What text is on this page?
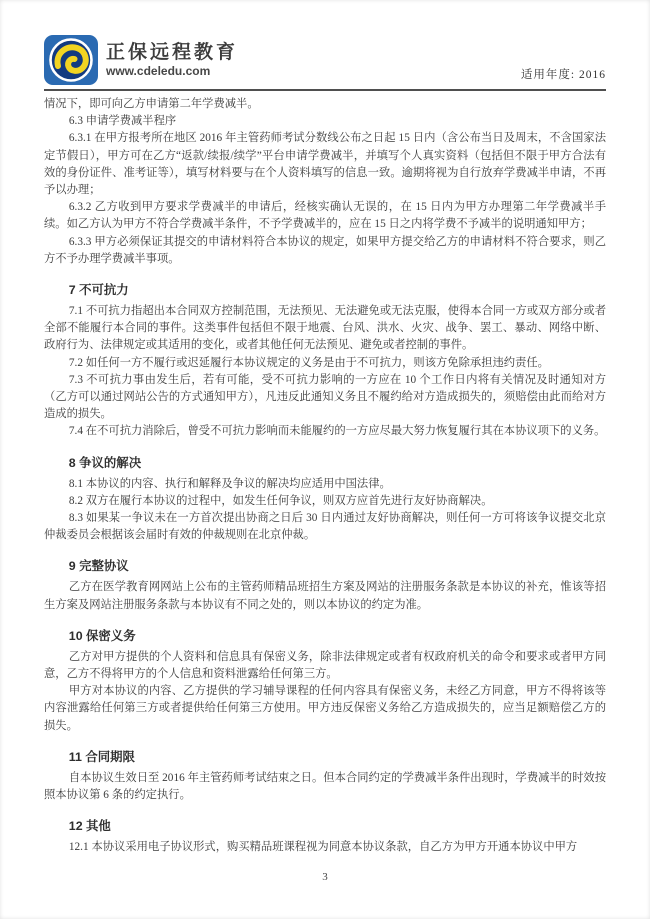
正保远程教育
www.cdeledu.com	适用年度: 2016

情况下，即可向乙方申请第二年学费减半。

6.3 申请学费减半程序

6.3.1 在甲方报考所在地区 2016 年主管药师考试分数线公布之日起 15 日内（含公布当日及周末，不含国家法定节假日），甲方可在乙方“返款/续报/续学”平台申请学费减半，并填写个人真实资料（包括但不限于甲方合法有效的身份证件、准考证等），填写材料要与在个人资料填写的信息一致。逾期将视为自行放弃学费减半申请，不再予以办理；

6.3.2 乙方收到甲方要求学费减半的申请后，经核实确认无误的，在 15 日内为甲方办理第二年学费减半手续。如乙方认为甲方不符合学费减半条件，不予学费减半的，应在 15 日之内将学费不予减半的说明通知甲方；

6.3.3 甲方必须保证其提交的申请材料符合本协议的规定，如果甲方提交给乙方的申请材料不符合要求，则乙方不予办理学费减半事项。

7 不可抗力

7.1 不可抗力指超出本合同双方控制范围，无法预见、无法避免或无法克服，使得本合同一方或双方部分或者全部不能履行本合同的事件。这类事件包括但不限于地震、台风、洪水、火灾、战争、罢工、暴动、网络中断、政府行为、法律规定或其适用的变化，或者其他任何无法预见、避免或者控制的事件。

7.2 如任何一方不履行或迟延履行本协议规定的义务是由于不可抗力，则该方免除承担违约责任。

7.3 不可抗力事由发生后，若有可能，受不可抗力影响的一方应在 10 个工作日内将有关情况及时通知对方（乙方可以通过网站公告的方式通知甲方），凡违反此通知义务且不履约给对方造成损失的，须赔偿由此而给对方造成的损失。

7.4 在不可抗力消除后，曾受不可抗力影响而未能履约的一方应尽最大努力恢复履行其在本协议项下的义务。

8 争议的解决

8.1 本协议的内容、执行和解释及争议的解决均应适用中国法律。

8.2 双方在履行本协议的过程中，如发生任何争议，则双方应首先进行友好协商解决。

8.3 如果某一争议未在一方首次提出协商之日后 30 日内通过友好协商解决，则任何一方可将该争议提交北京仲裁委员会根据该会届时有效的仲裁规则在北京仲裁。

9 完整协议

乙方在医学教育网网站上公布的主管药师精品班招生方案及网站的注册服务条款是本协议的补充，惟该等招生方案及网站注册服务条款与本协议有不同之处的，则以本协议的约定为准。

10 保密义务

乙方对甲方提供的个人资料和信息具有保密义务，除非法律规定或者有权政府机关的命令和要求或者甲方同意，乙方不得将甲方的个人信息和资料泄露给任何第三方。

甲方对本协议的内容、乙方提供的学习辅导课程的任何内容具有保密义务，未经乙方同意，甲方不得将该等内容泄露给任何第三方或者提供给任何第三方使用。甲方违反保密义务给乙方造成损失的，应当足额赔偿乙方的损失。

11 合同期限

自本协议生效日至 2016 年主管药师考试结束之日。但本合同约定的学费减半条件出现时，学费减半的时效按照本协议第 6 条的约定执行。

12 其他

12.1 本协议采用电子协议形式，购买精品班课程视为同意本协议条款，自乙方为甲方开通本协议中甲方

3
